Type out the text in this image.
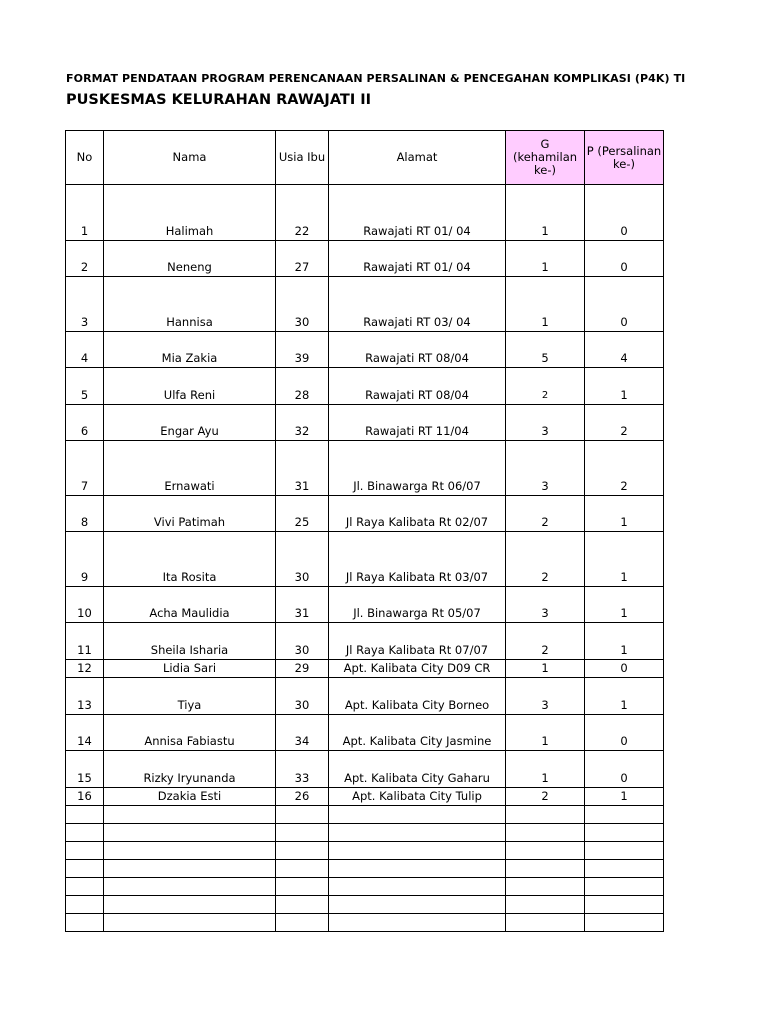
FORMAT PENDATAAN PROGRAM PERENCANAAN PERSALINAN & PENCEGAHAN KOMPLIKASI (P4K) TI
PUSKESMAS KELURAHAN RAWAJATI II
No	Nama	Usia Ibu	Alamat	G (kehamilan ke-)	P (Persalinan ke-)
1	Halimah	22	Rawajati RT 01/ 04	1	0
2	Neneng	27	Rawajati RT 01/ 04	1	0
3	Hannisa	30	Rawajati RT 03/ 04	1	0
4	Mia Zakia	39	Rawajati RT 08/04	5	4
5	Ulfa Reni	28	Rawajati RT 08/04	2	1
6	Engar Ayu	32	Rawajati RT 11/04	3	2
7	Ernawati	31	Jl. Binawarga Rt 06/07	3	2
8	Vivi Patimah	25	Jl Raya Kalibata Rt 02/07	2	1
9	Ita Rosita	30	Jl Raya Kalibata Rt 03/07	2	1
10	Acha Maulidia	31	Jl. Binawarga Rt 05/07	3	1
11	Sheila Isharia	30	Jl Raya Kalibata Rt 07/07	2	1
12	Lidia Sari	29	Apt. Kalibata City D09 CR	1	0
13	Tiya	30	Apt. Kalibata City Borneo	3	1
14	Annisa Fabiastu	34	Apt. Kalibata City Jasmine	1	0
15	Rizky Iryunanda	33	Apt. Kalibata City Gaharu	1	0
16	Dzakia Esti	26	Apt. Kalibata City Tulip	2	1
